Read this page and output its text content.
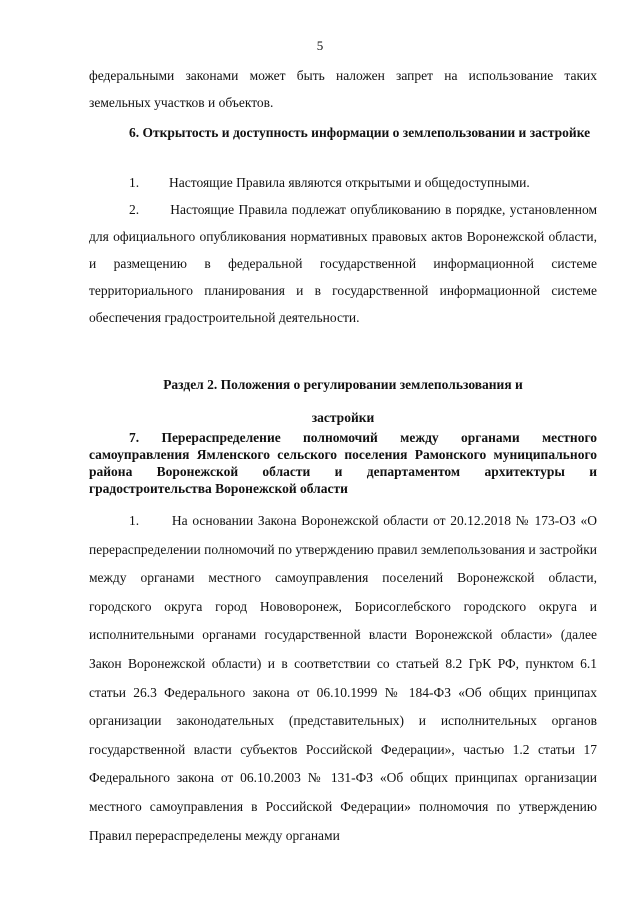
5
федеральными законами может быть наложен запрет на использование таких земельных участков и объектов.
6. Открытость и доступность информации о землепользовании и застройке
1.	Настоящие Правила являются открытыми и общедоступными.
2. Настоящие Правила подлежат опубликованию в порядке, установленном для официального опубликования нормативных правовых актов Воронежской области, и размещению в федеральной государственной информационной системе территориального планирования и в государственной информационной системе обеспечения градостроительной деятельности.
Раздел 2. Положения о регулировании землепользования и
застройки
7. Перераспределение полномочий между органами местного самоуправления Ямленского сельского поселения Рамонского муниципального района Воронежской области и департаментом архитектуры и градостроительства Воронежской области
1. На основании Закона Воронежской области от 20.12.2018 № 173-ОЗ «О перераспределении полномочий по утверждению правил землепользования и застройки между органами местного самоуправления поселений Воронежской области, городского округа город Нововоронеж, Борисоглебского городского округа и исполнительными органами государственной власти Воронежской области» (далее Закон Воронежской области) и в соответствии со статьей 8.2 ГрК РФ, пунктом 6.1 статьи 26.3 Федерального закона от 06.10.1999 № 184-ФЗ «Об общих принципах организации законодательных (представительных) и исполнительных органов государственной власти субъектов Российской Федерации», частью 1.2 статьи 17 Федерального закона от 06.10.2003 № 131-ФЗ «Об общих принципах организации местного самоуправления в Российской Федерации» полномочия по утверждению Правил перераспределены между органами
